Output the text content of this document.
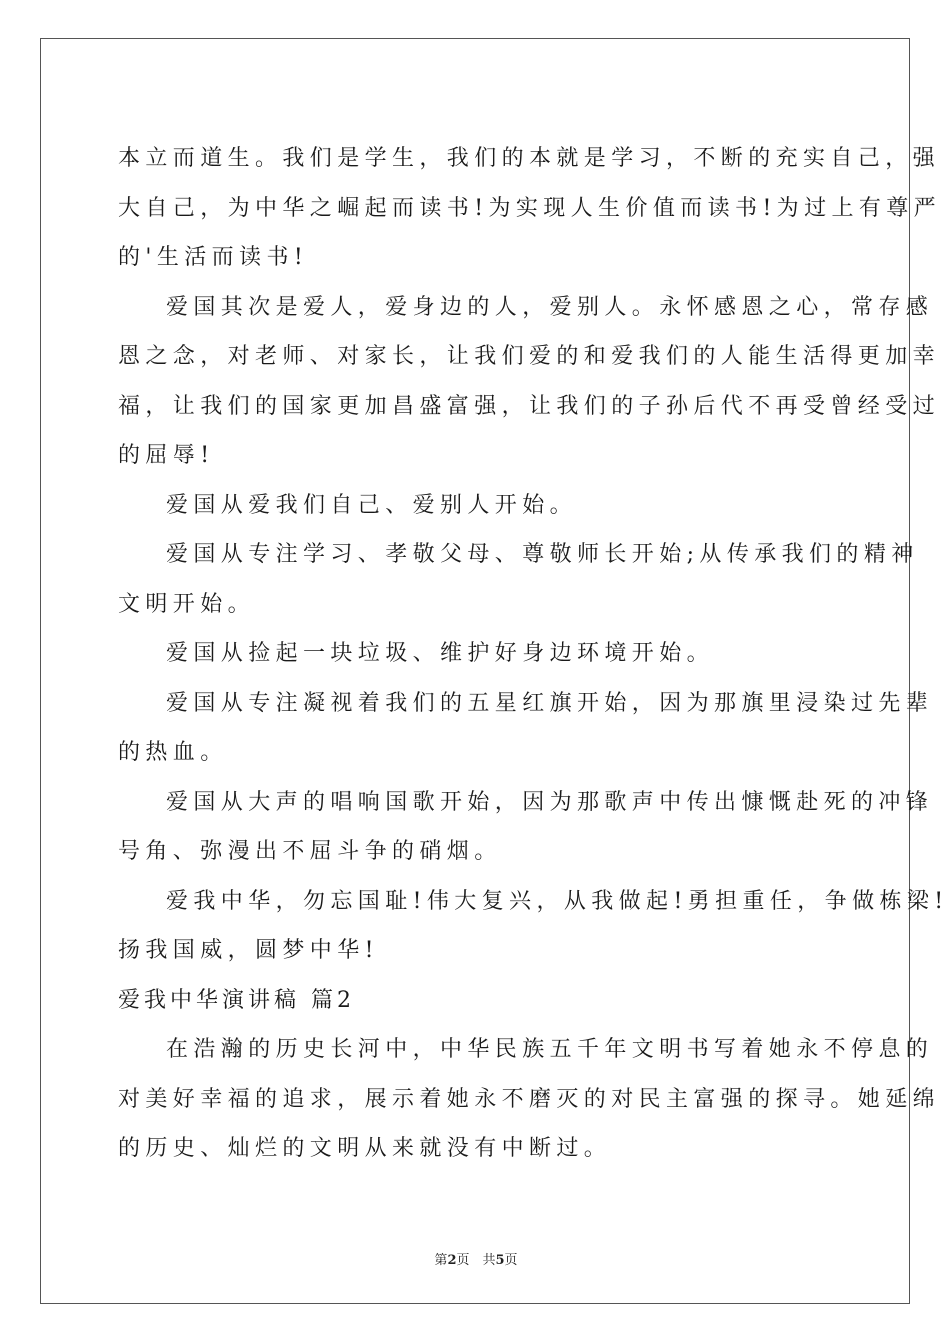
本立而道生。我们是学生，我们的本就是学习，不断的充实自己，强
大自己，为中华之崛起而读书!为实现人生价值而读书!为过上有尊严
的'生活而读书!
爱国其次是爱人，爱身边的人，爱别人。永怀感恩之心，常存感
恩之念，对老师、对家长，让我们爱的和爱我们的人能生活得更加幸
福，让我们的国家更加昌盛富强，让我们的子孙后代不再受曾经受过
的屈辱!
爱国从爱我们自己、爱别人开始。
爱国从专注学习、孝敬父母、尊敬师长开始;从传承我们的精神
文明开始。
爱国从捡起一块垃圾、维护好身边环境开始。
爱国从专注凝视着我们的五星红旗开始，因为那旗里浸染过先辈
的热血。
爱国从大声的唱响国歌开始，因为那歌声中传出慷慨赴死的冲锋
号角、弥漫出不屈斗争的硝烟。
爱我中华，勿忘国耻!伟大复兴，从我做起!勇担重任，争做栋梁!
扬我国威，圆梦中华!
爱我中华演讲稿 篇2
在浩瀚的历史长河中，中华民族五千年文明书写着她永不停息的
对美好幸福的追求，展示着她永不磨灭的对民主富强的探寻。她延绵
的历史、灿烂的文明从来就没有中断过。
第2页　共5页
